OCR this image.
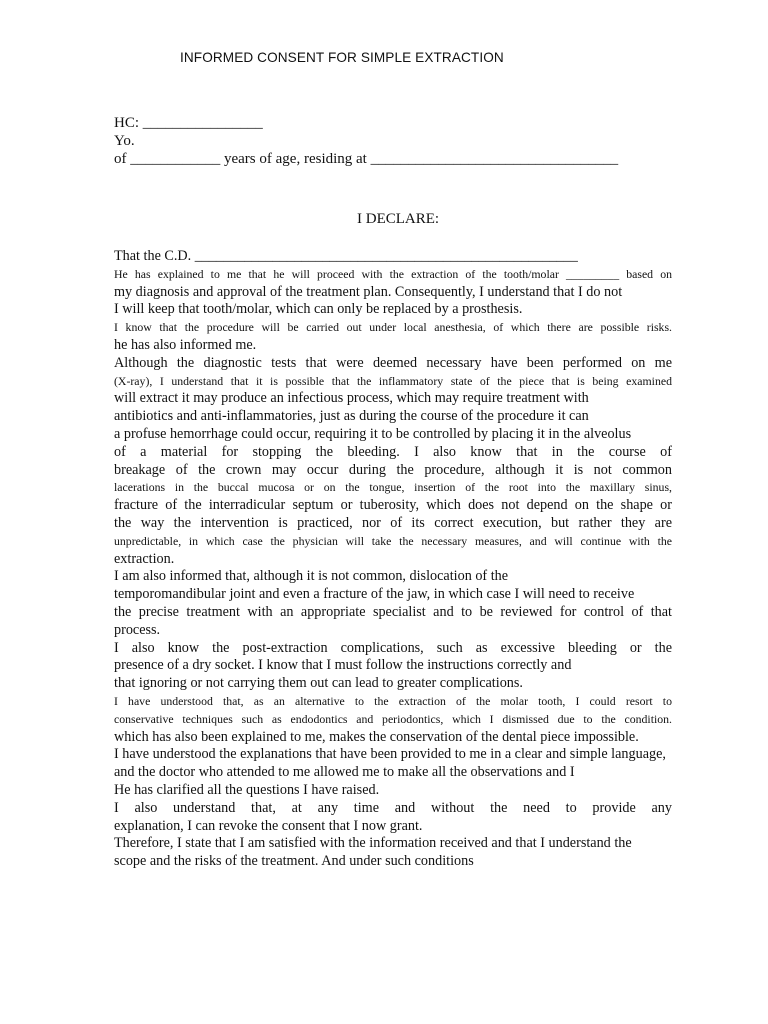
INFORMED CONSENT FOR SIMPLE EXTRACTION
HC: ________________
Yo.
of ____________ years of age, residing at _________________________________
I DECLARE:
That the C.D. ______________________________________________________
He has explained to me that he will proceed with the extraction of the tooth/molar _________ based on
my diagnosis and approval of the treatment plan. Consequently, I understand that I do not
I will keep that tooth/molar, which can only be replaced by a prosthesis.
I know that the procedure will be carried out under local anesthesia, of which there are possible risks.
he has also informed me.
Although the diagnostic tests that were deemed necessary have been performed on me
(X-ray), I understand that it is possible that the inflammatory state of the piece that is being examined
will extract it may produce an infectious process, which may require treatment with
antibiotics and anti-inflammatories, just as during the course of the procedure it can
a profuse hemorrhage could occur, requiring it to be controlled by placing it in the alveolus
of a material for stopping the bleeding. I also know that in the course of
breakage of the crown may occur during the procedure, although it is not common
lacerations in the buccal mucosa or on the tongue, insertion of the root into the maxillary sinus,
fracture of the interradicular septum or tuberosity, which does not depend on the shape or
the way the intervention is practiced, nor of its correct execution, but rather they are
unpredictable, in which case the physician will take the necessary measures, and will continue with the
extraction.
I am also informed that, although it is not common, dislocation of the
temporomandibular joint and even a fracture of the jaw, in which case I will need to receive
the precise treatment with an appropriate specialist and to be reviewed for control of that
process.
I also know the post-extraction complications, such as excessive bleeding or the
presence of a dry socket. I know that I must follow the instructions correctly and
that ignoring or not carrying them out can lead to greater complications.
I have understood that, as an alternative to the extraction of the molar tooth, I could resort to
conservative techniques such as endodontics and periodontics, which I dismissed due to the condition.
which has also been explained to me, makes the conservation of the dental piece impossible.
I have understood the explanations that have been provided to me in a clear and simple language,
and the doctor who attended to me allowed me to make all the observations and I
He has clarified all the questions I have raised.
I also understand that, at any time and without the need to provide any
explanation, I can revoke the consent that I now grant.
Therefore, I state that I am satisfied with the information received and that I understand the
scope and the risks of the treatment. And under such conditions
